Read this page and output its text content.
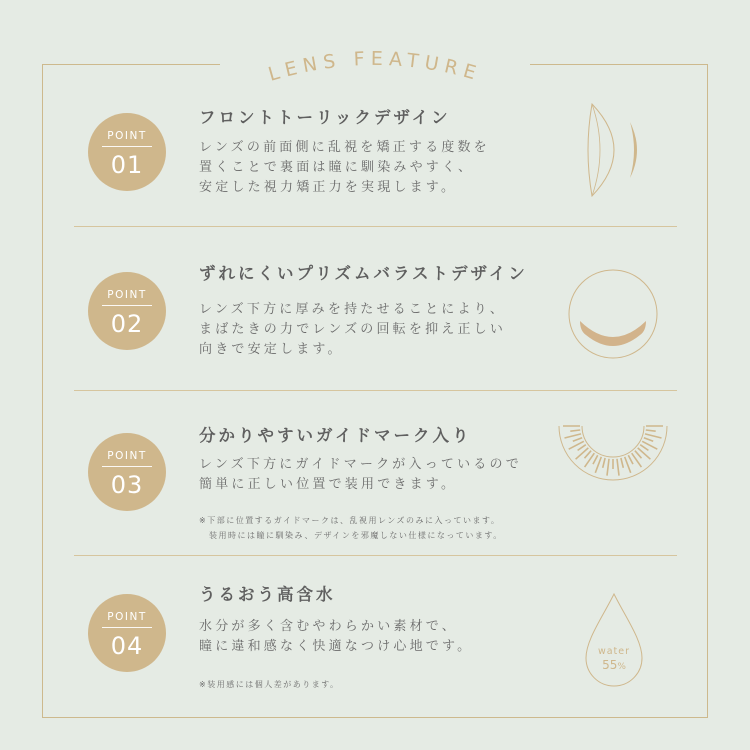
LENS FEATURE
POINT
01
フロントトーリックデザイン
レンズの前面側に乱視を矯正する度数を
置くことで裏面は瞳に馴染みやすく、
安定した視力矯正力を実現します。
POINT
02
ずれにくいプリズムバラストデザイン
レンズ下方に厚みを持たせることにより、
まばたきの力でレンズの回転を抑え正しい
向きで安定します。
POINT
03
分かりやすいガイドマーク入り
レンズ下方にガイドマークが入っているので
簡単に正しい位置で装用できます。
※下部に位置するガイドマークは、乱視用レンズのみに入っています。
装用時には瞳に馴染み、デザインを邪魔しない仕様になっています。
POINT
04
うるおう高含水
水分が多く含むやわらかい素材で、
瞳に違和感なく快適なつけ心地です。
※装用感には個人差があります。
water
55%
